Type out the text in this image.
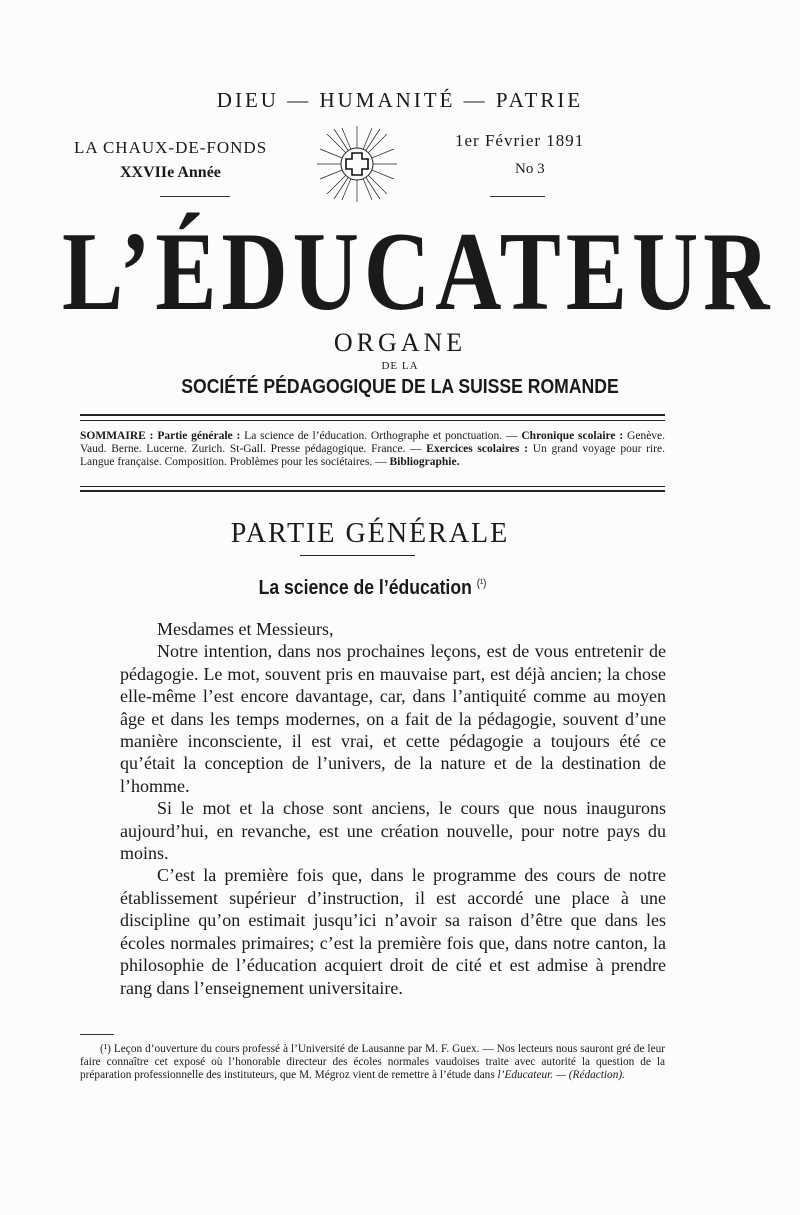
DIEU — HUMANITÉ — PATRIE
LA CHAUX-DE-FONDS
XXVIIe Année
1er Février 1891
No 3
L’ÉDUCATEUR
ORGANE
DE LA
SOCIÉTÉ PÉDAGOGIQUE DE LA SUISSE ROMANDE

SOMMAIRE : Partie générale : La science de l’éducation. Orthographe et ponctuation. — Chronique scolaire : Genève. Vaud. Berne. Lucerne. Zurich. St-Gall. Presse pédagogique. France. — Exercices scolaires : Un grand voyage pour rire. Langue française. Composition. Problèmes pour les sociétaires. — Bibliographie.

PARTIE GÉNÉRALE
La science de l’éducation $^{(^1)}$

Mesdames et Messieurs,

Notre intention, dans nos prochaines leçons, est de vous entretenir de pédagogie. Le mot, souvent pris en mauvaise part, est déjà ancien; la chose elle-même l’est encore davantage, car, dans l’antiquité comme au moyen âge et dans les temps modernes, on a fait de la pédagogie, souvent d’une manière inconsciente, il est vrai, et cette pédagogie a toujours été ce qu’était la conception de l’univers, de la nature et de la destination de l’homme.

Si le mot et la chose sont anciens, le cours que nous inaugurons aujourd’hui, en revanche, est une création nouvelle, pour notre pays du moins.

C’est la première fois que, dans le programme des cours de notre établissement supérieur d’instruction, il est accordé une place à une discipline qu’on estimait jusqu’ici n’avoir sa raison d’être que dans les écoles normales primaires; c’est la première fois que, dans notre canton, la philosophie de l’éducation acquiert droit de cité et est admise à prendre rang dans l’enseignement universitaire.

(¹) Leçon d’ouverture du cours professé à l’Université de Lausanne par M. F. Guex. — Nos lecteurs nous sauront gré de leur faire connaître cet exposé où l’honorable directeur des écoles normales vaudoises traite avec autorité la question de la préparation professionnelle des instituteurs, que M. Mégroz vient de remettre à l’étude dans l’Educateur. — (Rédaction).
